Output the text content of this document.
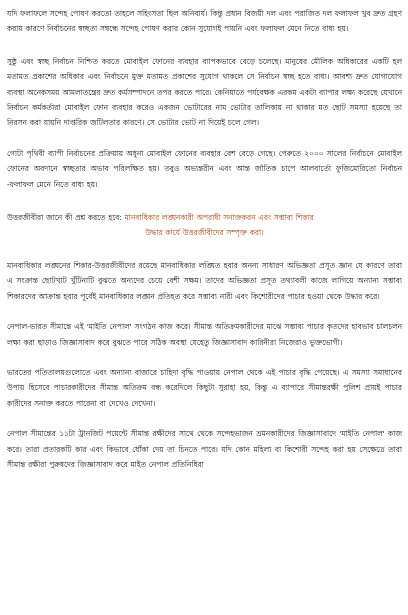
যদি ফলাফলে সন্দেহ পোষণ করতো তাহলে সহিংসতা ছিল অনিবার্য। কিন্তু প্রধান বিজয়ী দল এবং পরাজিত দল ফলাফল খুব দ্রুত গ্রহণ করায় কারণে নির্বাচনের স্বচ্ছতা সম্বন্ধে সন্দেহ পোষণ করার কোন সুযোগই পায়নি এবং ফলাফল মেনে নিতে বাধ্য হয়।

সুষ্ঠু এবং স্বচ্ছ নির্বাচন নিশ্চিত করতে মোবাইল ফোনের ব্যবহার ব্যাপকভাবে বেড়ে চলেছে। মানুষের মৌলিক অধিকারের একটি হল মতামত প্রকাশের অধিকার এবং নির্বাচনে মুক্ত মতামত প্রকাশের সুযোগ থাকলে সে নির্বাচন স্বচ্ছ হতে বাধ্য। আবশ্য দ্রুত যোগাযোগ ব্যবস্থা অনেকসময় আমলাতন্ত্রের দ্রুত কর্মসম্পাদনে তপর করতে পারে। কেনিয়াতে পর্যবেক্ষক এরকম একটা ব্যাপার লক্ষ্য করেছে যেখানে নির্বাচন কর্মকর্তারা মোবাইল ফোন ব্যবহার করেও একজন ভোটারের নাম ভোটার তালিকায় না থাকার মত ছোট সমস্যা হয়েছে তা নিরসন করা যায়নি দাপ্তরিক জটিলতার কারণে। সে ভোটার ভোট না দিয়েই চলে গেল।

গোটা পৃথিবী ব্যাপী নির্বাচনের প্রক্রিয়ায় অধুনা মোবাইল ফোনের ব্যবহার বেশ বেড়ে গেছে। পেরুতে ২০০০ সালের নির্বাচনে মোবাইল ফোনের অবদানে স্বচ্ছতার অভাব পরিলক্ষিত হয়। তবুও অভ্যন্তরীন এবং আন্ত র্জাতিক চাপে আলবার্তো ফুজিমোরিতো নির্বাচন -ফলাফল মেনে নিতে বাধ্য হয়।

উত্তরজীবীরা জানে কী প্রশ্ন করতে হবে: মানবাধিকার লঙ্ঘনকারী অপরাধী সনাক্তকরন এবং সম্ভাব্য শিকার
উদ্ধার কার্যে উত্তরজীবীদের সম্পৃক্ত করা।

মানবাধিকার লঙ্ঘনের শিকার-উত্তরজীবীদের রয়েছে মানবাধিকার লঙ্ঘিত হবার অনন্য সাধারণ অভিজ্ঞতা প্রসূত জ্ঞান যে কারণে তারা এ সংক্রান্ত ছোটখাট খুঁটিনাটি বুঝতে অন্যদের চেয়ে বেশী সক্ষম। তাদের অভিজ্ঞতা প্রসূত তথ্যাবলী কাজে লাগিয়ে অন্যান্য সম্ভাব্য শিকারদের আক্রান্ত হবার পূর্বেই মানবাধিকার লঙ্ঘন প্রতিহত করে সম্ভাব্য নারী এবং কিশোরীদের পাচার হওয়া থেকে উদ্ধার করে।

নেপাল-ভারত সীমান্তে এই 'মাইতি নেপাল' সংগঠন কাজ করে। সীমান্ত অতিক্রমকারীদের মাঝে সম্ভাব্য পাচার কৃতদের হাবভাব চালচলন লক্ষ্য করা ছাড়াও জিজ্ঞাসাবাদ করে বুঝতে পারে সঠিক অবস্থা যেহেতু জিজ্ঞাসাবাদ কারিনীরা নিজেরাও ভুক্তভোগী।

ভারতের পতিতালয়গুলোতে এবং অন্যান্য বাজারে চাহিদা বৃদ্ধি পাওয়ায় নেপাল থেকে এই পাচার বৃদ্ধি পেয়েছে। এ সমস্যা সমাধানের উপায় হিসেবে পাচারকারীদের সীমান্ত অতিক্রম বন্ধ করেদিলে কিছুটা সুরাহা হয়, কিন্তু এ ব্যাপারে সীমান্তরক্ষী পুলিশ প্রায়ই পাচার কারীদের সনাক্ত করতে পারেনা বা দেখেও দেখেনা।

নেপাল সীমান্তের ১১টা ট্রানজিট পয়েন্টে সীমান্ত রক্ষীদের সাথে থেকে সন্দেহভাজন ভ্রমনকারীদের জিজ্ঞাসাবাদে 'মাইতি নেপাল' কাজ করে। তারা প্রতারকটি কার এবং কিভাবে ধোঁকা দেয় তা চিনতে পারে। যদি কোন মহিলা বা কিশোরী সন্দেহ করা হয় সেক্ষেত্রে তারা সীমান্ত রক্ষীরা পুরুষদের জিজ্ঞাসাবাদ করে মাইত নেপাল প্রতিনিধিরা
